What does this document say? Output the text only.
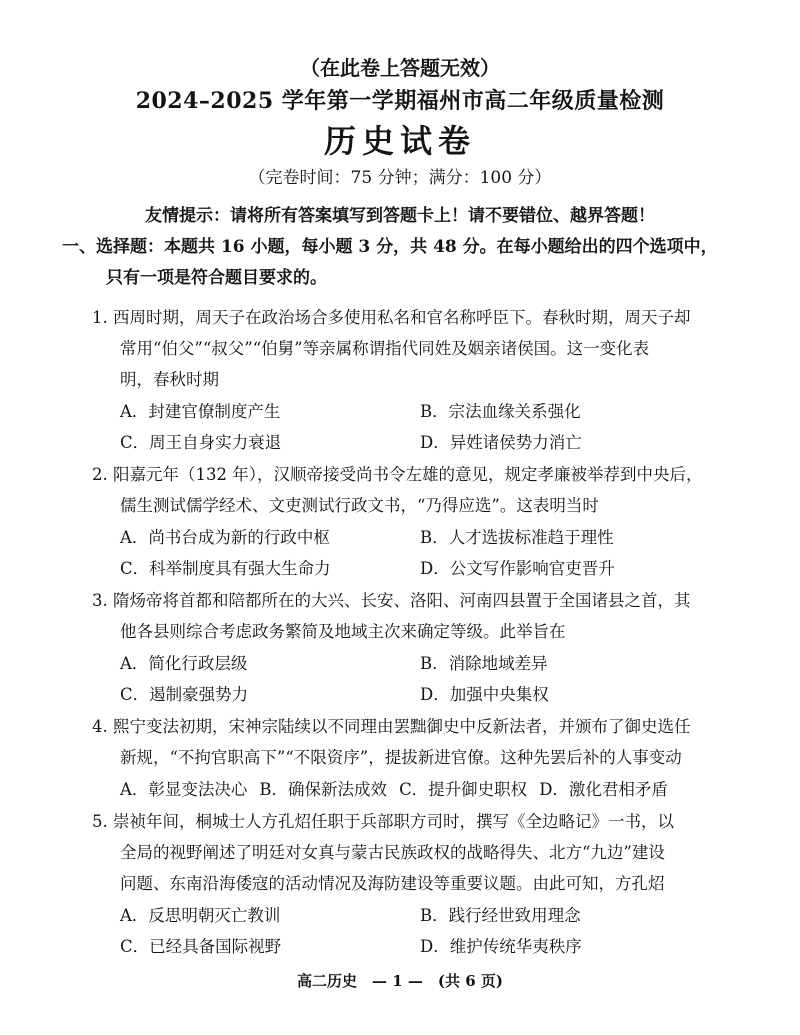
（在此卷上答题无效）
2024–2025 学年第一学期福州市高二年级质量检测
历史试卷
（完卷时间：75 分钟；满分：100 分）
友情提示：请将所有答案填写到答题卡上！请不要错位、越界答题！
一、选择题：本题共 16 小题，每小题 3 分，共 48 分。在每小题给出的四个选项中，
只有一项是符合题目要求的。
1. 西周时期，周天子在政治场合多使用私名和官名称呼臣下。春秋时期，周天子却
常用“伯父”“叔父”“伯舅”等亲属称谓指代同姓及姻亲诸侯国。这一变化表
明，春秋时期
A．封建官僚制度产生	B．宗法血缘关系强化
C．周王自身实力衰退	D．异姓诸侯势力消亡
2. 阳嘉元年（132 年），汉顺帝接受尚书令左雄的意见，规定孝廉被举荐到中央后，
儒生测试儒学经术、文吏测试行政文书，“乃得应选”。这表明当时
A．尚书台成为新的行政中枢	B．人才选拔标准趋于理性
C．科举制度具有强大生命力	D．公文写作影响官吏晋升
3. 隋炀帝将首都和陪都所在的大兴、长安、洛阳、河南四县置于全国诸县之首，其
他各县则综合考虑政务繁简及地域主次来确定等级。此举旨在
A．简化行政层级	B．消除地域差异
C．遏制豪强势力	D．加强中央集权
4. 熙宁变法初期，宋神宗陆续以不同理由罢黜御史中反新法者，并颁布了御史选任
新规，“不拘官职高下”“不限资序”，提拔新进官僚。这种先罢后补的人事变动
A．彰显变法决心 B．确保新法成效 C．提升御史职权 D．激化君相矛盾
5. 崇祯年间，桐城士人方孔炤任职于兵部职方司时，撰写《全边略记》一书，以
全局的视野阐述了明廷对女真与蒙古民族政权的战略得失、北方“九边”建设
问题、东南沿海倭寇的活动情况及海防建设等重要议题。由此可知，方孔炤
A．反思明朝灭亡教训	B．践行经世致用理念
C．已经具备国际视野	D．维护传统华夷秩序
高二历史　— 1 —　(共 6 页)
